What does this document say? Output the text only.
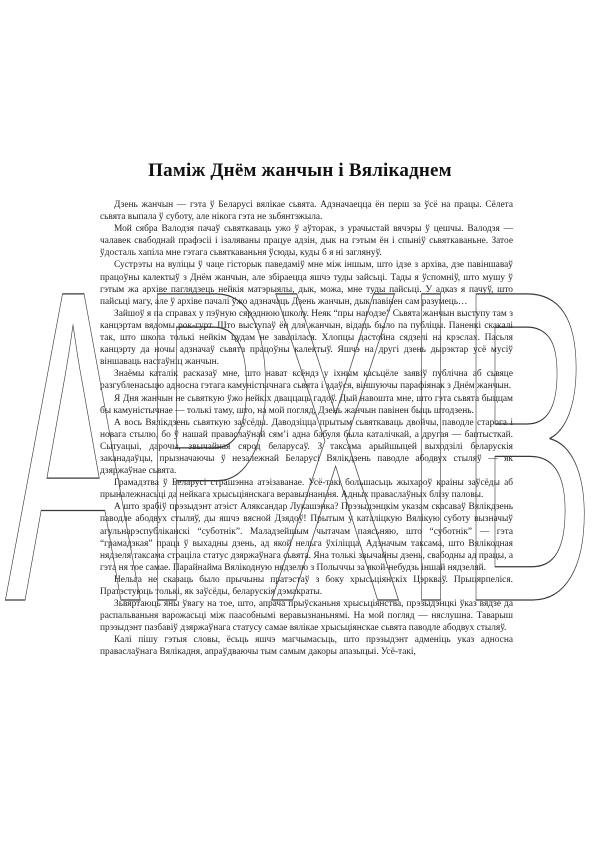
Паміж Днём жанчын і Вялікаднем

Дзень жанчын — гэта ў Беларусі вялікае сьвята. Адзначаецца ён перш за ўсё на працы. Сёлета сьвята выпала ў суботу, але нікога гэта не зьбянтэжыла.

Мой сябра Валодзя пачаў сьвяткаваць ужо ў аўторак, з урачыстай вячэры ў цешчы. Валодзя — чалавек свабоднай прафэсіі і ізаляваны працуе адзін, дык на гэтым ён і спыніў сьвяткаваньне. Затое ўдосталь хапіла мне гэтага сьвяткаваньня ўсюды, куды б я ні заглянуў.

Сустрэты на вуліцы ў чаце гісторык паведаміў мне між іншым, што ідзе з архіва, дзе павіншаваў працоўны калектыў з Днём жанчын, але збіраецца яшчэ туды зайсьці. Тады я ўспомніў, што мушу ў гэтым жа архіве паглядзець нейкія матэрыялы, дык, можа, мне туды пайсьці. У адказ я пачуў, што пайсьці магу, але ў архіве пачалі ўжо адзначаць Дзень жанчын, дык павінен сам разумець…

Зайшоў я па справах у пэўную сярэднюю школу. Неяк “пры нагодзе” Сьвята жанчын выступу там з канцэртам вядомы рок-гурт. Што выступаў ён для жанчын, відаць было па публіцы. Паненкі скакалі так, што школа толькі нейкім цудам не завалілася. Хлопцы дастойна сядзелі на крэслах. Пасьля канцэрту да ночы адзначаў сьвята працоўны калектыў. Яшчэ на другі дзень дырэктар усё мусіў віншаваць настаўніц жанчын.

Знаёмы каталік расказаў мне, што нават ксёндз у іхным касьцёле заявіў публічна аб сьвяце разгубленасьцю адносна гэтага камуністычнага сьвята і здаўся, віншуючы парафіянак з Днём жанчын.

Я Дня жанчын не сьвяткую ўжо нейкіх дваццаць гадоў. Дый навошта мне, што гэта сьвята быццам бы камуністычнае — толькі таму, што, на мой погляд, Дзень жанчын павінен быць штодзень.

А вось Вялікдзень сьвяткую заўсёды. Даводзіцца прытым сьвяткаваць двойчы, паводле старога і новага стылю, бо ў нашай праваслаўнай сям’і адна бабуля была каталічкай, а другая — баптысткай. Сытуацыі, дарочы, звычайная сярод беларусаў. З таксама арыйшыцей выходзілі беларускія заканадаўцы, прызначаючы ў незалежнай Беларусі Вялікдзень паводле абодвух стыляў — як дзяржаўнае сьвята.

Грамадзтва ў Беларусі страшэнна атэізаванае. Усё-такі большасьць жыхароў краіны заўсёды аб прыналежнасьці да нейкага хрысьціянскага веравызнаньня. Адных праваслаўных блізу паловы.

А што зрабіў прэзыдэнт атэіст Аляксандар Лукашэнка? Прэзыдэнцкім указам скасаваў Вялікдзень паводле абодвух стыляў, ды яшчэ вясной Дзядоў! Прытым у каталіцкую Вялікую суботу вызначыў агульнарэспубліканскі “суботнік”. Маладзейшым чытачам паясьняю, што “суботнік” — гэта “грамадзкая” праца ў выхадны дзень, ад якой нельга ўхіліцца. Адзначым таксама, што Вялікодная нядзеля таксама страціла статус дзяржаўнага сьвята. Яна толькі звычайны дзень, свабодны ад працы, а гэта ня тое самае. Парайнайма Вялікодную нядзелю з Полыччы за якой-небудзь іншай нядзеляй.

Нельга не сказаць было прычыны пратэстаў з боку хрысьціянскіх Цэркваў. Прыцярпеліся. Пратэстуюць толькі, як заўсёды, беларускія дэмакраты.

Зьвяртаюць яны ўвагу на тое, што, апрача прыўсканьня хрысьціянства, прэзыдэнцкі ўказ вядзе да распальваньня варожасьці між паасобнымі веравызнаньнямі. На мой погляд — няслушна. Таварыш прэзыдэнт пазбавіў дзяржаўнага статусу самае вялікае хрысьціянскае сьвята паводле абодвух стыляў.

Калі пішу гэтыя словы, ёсьць яшчэ магчымасьць, што прэзыдэнт адменіць указ адносна праваслаўнага Вялікадня, апраўдваючы тым самым дакоры апазыцыі. Усё-такі,

АРХІВ
